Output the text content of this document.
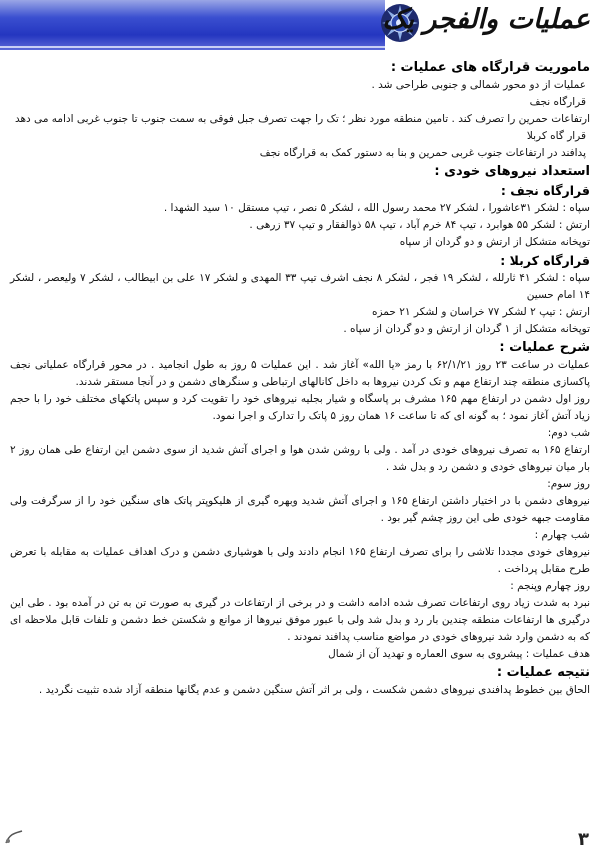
عملیات والفجر یک

ماموریت قرارگاه های عملیات :

عملیات از دو محور شمالی و جنوبی طراحی شد .

قرارگاه نجف

ارتفاعات حمرین را تصرف کند . تامین منطقه مورد نظر ؛ تک را جهت تصرف جبل فوقی به سمت جنوب تا جنوب غربی ادامه می دهد

قرار گاه کربلا

پدافند در ارتفاعات جنوب غربی حمرین و بنا به دستور کمک به قرارگاه نجف

استعداد نیروهای خودی :

قرارگاه نجف :

سپاه : لشکر ۳۱عاشورا ، لشکر ۲۷ محمد رسول الله ، لشکر ۵ نصر ، تیپ مستقل ۱۰ سید الشهدا .

ارتش : لشکر ۵۵ هوابرد ، تیپ ۸۴ خرم آباد ، تیپ ۵۸ ذوالفقار و تیپ ۳۷ زرهی .

توپخانه متشکل از ارتش و دو گردان از سپاه

قرارگاه کربلا :

سپاه : لشکر ۴۱ ثارلله ، لشکر ۱۹ فجر ، لشکر ۸ نجف اشرف تیپ ۳۳ المهدی و لشکر ۱۷ علی بن ابیطالب ، لشکر ۷ ولیعصر ، لشکر ۱۴ امام حسین

ارتش : تیپ ۲ لشکر ۷۷ خراسان و لشکر ۲۱ حمزه

توپخانه متشکل از ۱ گردان از ارتش و دو گردان از سپاه .

شرح عملیات :

عملیات در ساعت ۲۳ روز ۶۲/۱/۲۱ با رمز «یا الله» آغاز شد . این عملیات ۵ روز به طول انجامید . در محور قرارگاه عملیاتی نجف پاکسازی منطقه چند ارتفاع مهم و تک کردن نیروها به داخل کانالهای ارتباطی و سنگرهای دشمن و در آنجا مستقر شدند.

روز اول دشمن در ارتفاع مهم ۱۶۵ مشرف بر پاسگاه و شیار بجلیه نیروهای خود را تقویت کرد و سپس پاتکهای مختلف خود را با حجم زیاد آتش آغاز نمود ؛ به گونه ای که تا ساعت ۱۶ همان روز ۵ پاتک را تدارک و اجرا نمود.

شب دوم:

ارتفاع ۱۶۵ به تصرف نیروهای خودی در آمد . ولی با روشن شدن هوا و اجرای آتش شدید از سوی دشمن این ارتفاع طی همان روز ۲ بار میان نیروهای خودی و دشمن رد و بدل شد .

روز سوم:

نیروهای دشمن با در اختیار داشتن ارتفاع ۱۶۵ و اجرای آتش شدید وبهره گیری از هلیکوپتر پاتک های سنگین خود را از سرگرفت ولی مقاومت جبهه خودی طی این روز چشم گیر بود .

شب چهارم :

نیروهای خودی مجددا تلاشی را برای تصرف ارتفاع ۱۶۵ انجام دادند ولی با هوشیاری دشمن و درک اهداف عملیات به مقابله با تعرض طرح مقابل پرداخت .

روز چهارم وپنجم :

نبرد به شدت زیاد روی ارتفاعات تصرف شده ادامه داشت و در برخی از ارتفاعات در گیری به صورت تن به تن در آمده بود . طی این درگیری ها ارتفاعات منطقه چندین بار رد و بدل شد ولی با عبور موفق نیروها از موانع و شکستن خط دشمن و تلفات قابل ملاحظه ای که به دشمن وارد شد نیروهای خودی در مواضع مناسب پدافند نمودند .

هدف عملیات : پیشروی به سوی العماره و تهدید آن از شمال

نتیجه عملیات :

الحاق بین خطوط پدافندی نیروهای دشمن شکست ، ولی بر اثر آتش سنگین دشمن و عدم یگانها منطقه آزاد شده تثبیت نگردید .

۳
